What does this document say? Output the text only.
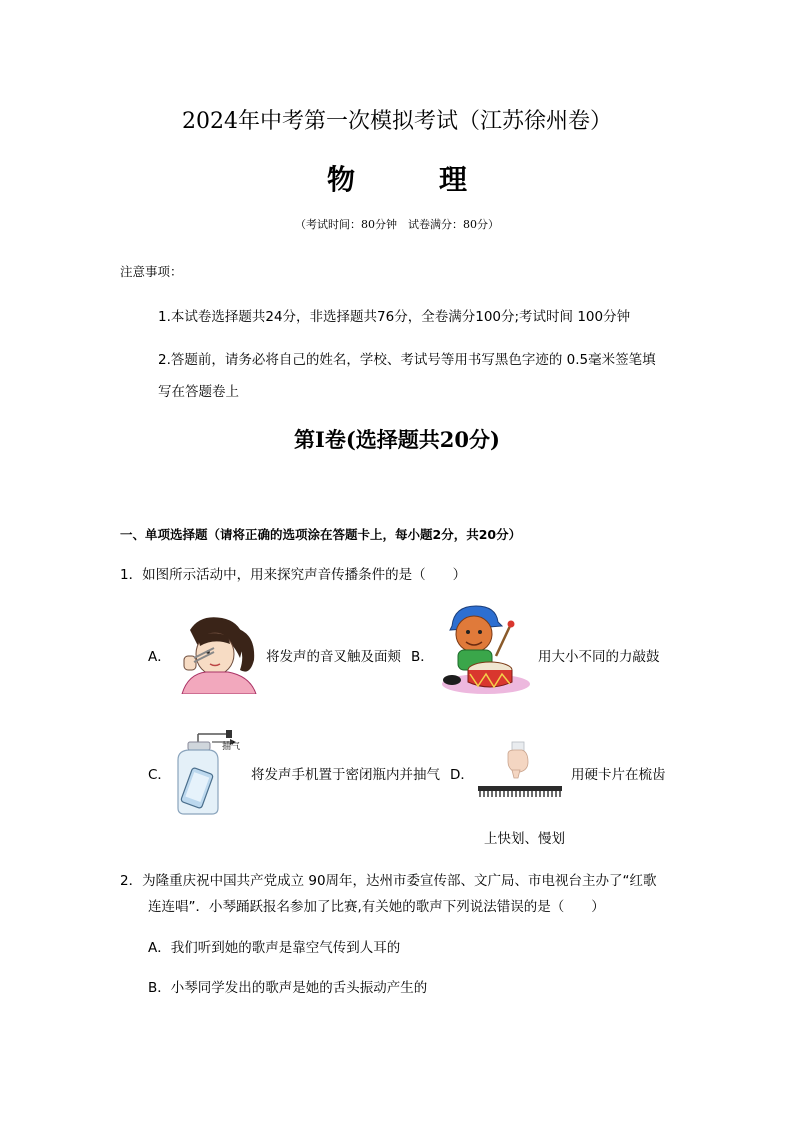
2024年中考第一次模拟考试（江苏徐州卷）
物　理
（考试时间：80分钟　试卷满分：80分）
注意事项：
1.本试卷选择题共24分，非选择题共76分，全卷满分100分;考试时间 100分钟
2.答题前，请务必将自己的姓名，学校、考试号等用书写黑色字迹的 0.5毫米签笔填
写在答题卷上
第I卷(选择题共20分)
一、单项选择题（请将正确的选项涂在答题卡上，每小题2分，共20分）
1．如图所示活动中，用来探究声音传播条件的是（　　）
A．	将发声的音叉触及面颊 B．	用大小不同的力敲鼓
C．
抽气
将发声手机置于密闭瓶内并抽气 D．	用硬卡片在梳齿
上快划、慢划
2．为隆重庆祝中国共产党成立 90周年，达州市委宣传部、文广局、市电视台主办了“红歌
连连唱”．小琴踊跃报名参加了比赛,有关她的歌声下列说法错误的是（　　）
A．我们听到她的歌声是靠空气传到人耳的
B．小琴同学发出的歌声是她的舌头振动产生的
